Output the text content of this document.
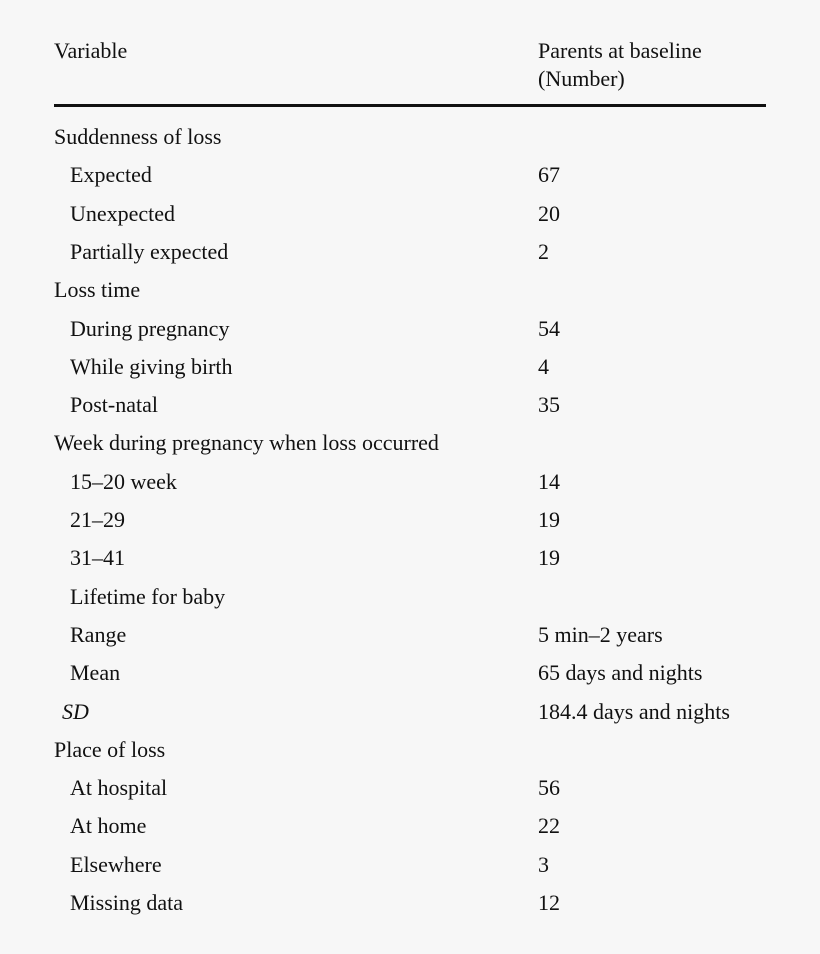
Variable	Parents at baseline
(Number)
Suddenness of loss
Expected	67
Unexpected	20
Partially expected	2
Loss time
During pregnancy	54
While giving birth	4
Post-natal	35
Week during pregnancy when loss occurred
15–20 week	14
21–29	19
31–41	19
Lifetime for baby
Range	5 min–2 years
Mean	65 days and nights
SD	184.4 days and nights
Place of loss
At hospital	56
At home	22
Elsewhere	3
Missing data	12
